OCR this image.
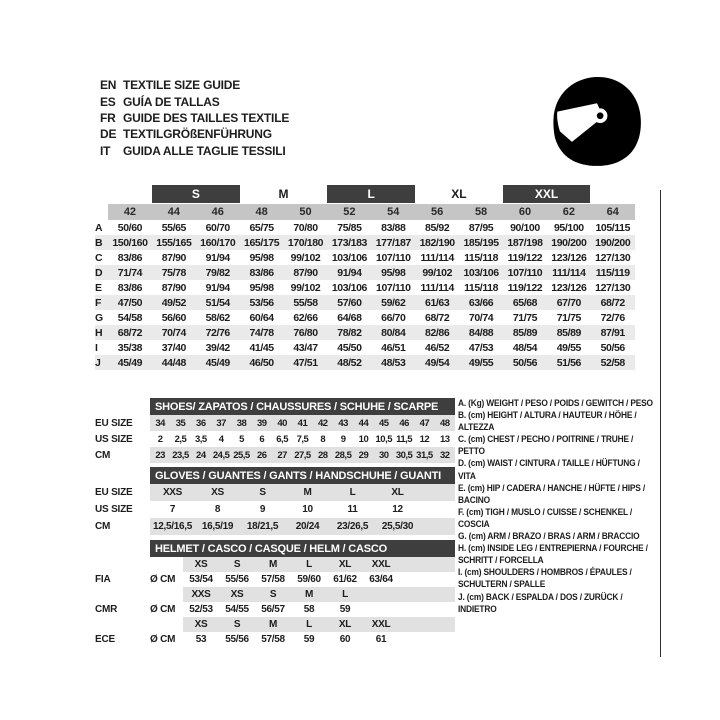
EN TEXTILE SIZE GUIDE
ES GUÍA DE TALLAS
FR GUIDE DES TAILLES TEXTILE
DE TEXTILGRÖßENFÜHRUNG
IT	GUIDA ALLE TAGLIE TESSILI
S	M	L	XL	XXL
42	44	46	48	50	52	54	56	58	60	62	64
A	50/60	55/65	60/70	65/75	70/80	75/85	83/88	85/92	87/95	90/100	95/100	105/115
B 150/160 155/165 160/170 165/175 170/180 173/183 177/187 182/190 185/195 187/198 190/200 190/200
C	83/86	87/90	91/94	95/98	99/102	103/106 107/110 111/114 115/118 119/122 123/126 127/130
D	71/74	75/78	79/82	83/86	87/90	91/94	95/98	99/102	103/106 107/110 111/114 115/119
E	83/86	87/90	91/94	95/98	99/102	103/106 107/110 111/114 115/118 119/122 123/126 127/130
F	47/50	49/52	51/54	53/56	55/58	57/60	59/62	61/63	63/66	65/68	67/70	68/72
G	54/58	56/60	58/62	60/64	62/66	64/68	66/70	68/72	70/74	71/75	71/75	72/76
H	68/72	70/74	72/76	74/78	76/80	78/82	80/84	82/86	84/88	85/89	85/89	87/91
I	35/38	37/40	39/42	41/45	43/47	45/50	46/51	46/52	47/53	48/54	49/55	50/56
J	45/49	44/48	45/49	46/50	47/51	48/52	48/53	49/54	49/55	50/56	51/56	52/58
SHOES/ ZAPATOS / CHAUSSURES / SCHUHE / SCARPE
EU SIZE	34	35	36	37	38	39	40	41	42	43	44	45	46	47	48
US SIZE	2	2,5 3,5	4	5	6	6,5 7,5	8	9	10 10,5 11,5 12	13
CM	23 23,5 24 24,5 25,5 26	27 27,5 28 28,5 29	30 30,5 31,5 32
GLOVES / GUANTES / GANTS / HANDSCHUHE / GUANTI
EU SIZE	XXS	XS	S	M	L	XL
US SIZE	7	8	9	10	11	12
CM	12,5/16,5 16,5/19	18/21,5	20/24	23/26,5	25,5/30
HELMET / CASCO / CASQUE / HELM / CASCO
XS	S	M	L	XL	XXL
FIA	Ø CM	53/54	55/56	57/58	59/60	61/62	63/64
XXS	XS	S	M	L
CMR	Ø CM	52/53	54/55	56/57	58	59
XS	S	M	L	XL	XXL
ECE	Ø CM	53	55/56	57/58	59	60	61
A. (Kg) WEIGHT / PESO / POIDS / GEWITCH / PESO
B. (cm) HEIGHT / ALTURA / HAUTEUR / HÖHE / ALTEZZA
C. (cm) CHEST / PECHO / POITRINE / TRUHE / PETTO
D. (cm) WAIST / CINTURA / TAILLE / HÜFTUNG / VITA
E. (cm) HIP / CADERA / HANCHE / HÜFTE / HIPS / BACINO
F. (cm) TIGH / MUSLO / CUISSE / SCHENKEL / COSCIA
G. (cm) ARM / BRAZO / BRAS / ARM / BRACCIO
H. (cm) INSIDE LEG / ENTREPIERNA / FOURCHE / SCHRITT / FORCELLA
I. (cm) SHOULDERS / HOMBROS / ÉPAULES / SCHULTERN / SPALLE
J. (cm) BACK / ESPALDA / DOS / ZURÜCK / INDIETRO
